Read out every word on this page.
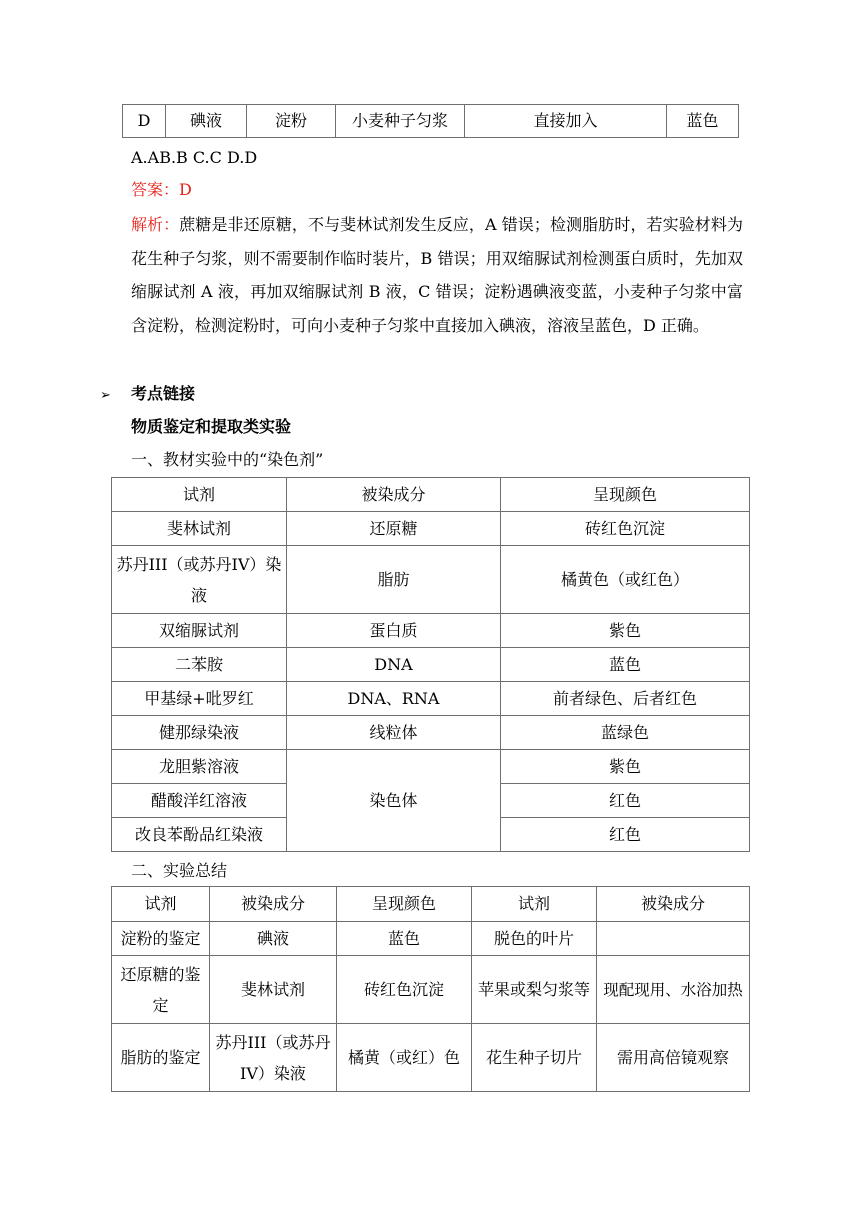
D	碘液	淀粉	小麦种子匀浆	直接加入	蓝色
A.AB.B C.C D.D
答案：D
解析：蔗糖是非还原糖，不与斐林试剂发生反应，A 错误；检测脂肪时，若实验材料为花生种子匀浆，则不需要制作临时装片，B 错误；用双缩脲试剂检测蛋白质时，先加双缩脲试剂 A 液，再加双缩脲试剂 B 液，C 错误；淀粉遇碘液变蓝，小麦种子匀浆中富含淀粉，检测淀粉时，可向小麦种子匀浆中直接加入碘液，溶液呈蓝色，D 正确。
➢ 考点链接
物质鉴定和提取类实验
一、教材实验中的“染色剂”
试剂	被染成分	呈现颜色
斐林试剂	还原糖	砖红色沉淀
苏丹III（或苏丹IV）染液	脂肪	橘黄色（或红色）
双缩脲试剂	蛋白质	紫色
二苯胺	DNA	蓝色
甲基绿+吡罗红	DNA、RNA	前者绿色、后者红色
健那绿染液	线粒体	蓝绿色
龙胆紫溶液	染色体	紫色
醋酸洋红溶液		红色
改良苯酚品红染液		红色
二、实验总结
试剂	被染成分	呈现颜色	试剂	被染成分
淀粉的鉴定	碘液	蓝色	脱色的叶片	
还原糖的鉴定	斐林试剂	砖红色沉淀	苹果或梨匀浆等	现配现用、水浴加热
脂肪的鉴定	苏丹III（或苏丹IV）染液	橘黄（或红）色	花生种子切片	需用高倍镜观察
